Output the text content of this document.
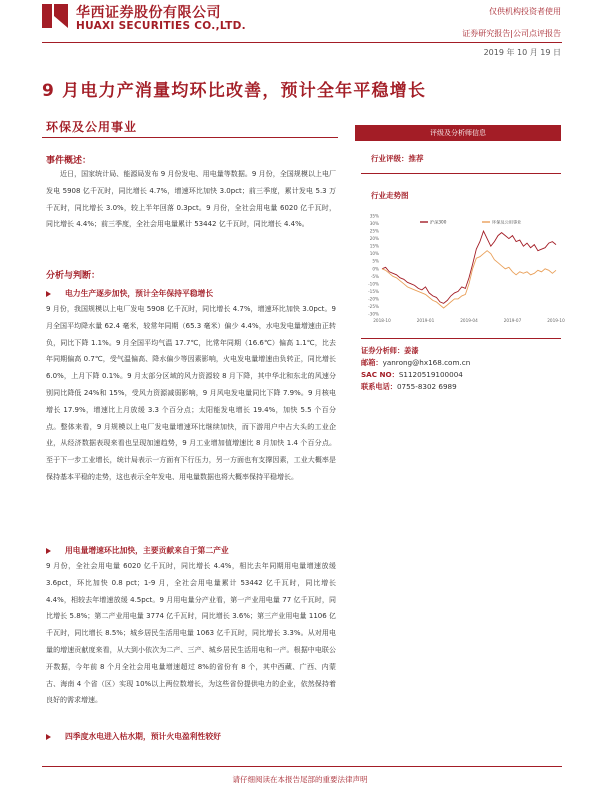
华西证券股份有限公司
HUAXI SECURITIES CO.,LTD.
仅供机构投资者使用
证券研究报告|公司点评报告
2019 年 10 月 19 日
9 月电力产消量均环比改善，预计全年平稳增长
环保及公用事业
事件概述：

近日，国家统计局、能源局发布 9 月份发电、用电量等数据。9 月份，全国规模以上电厂发电 5908 亿千瓦时，同比增长 4.7%，增速环比加快 3.0pct；前三季度，累计发电 5.3 万千瓦时，同比增长 3.0%，较上半年回落 0.3pct。9 月份，全社会用电量 6020 亿千瓦时，同比增长 4.4%；前三季度，全社会用电量累计 53442 亿千瓦时，同比增长 4.4%。

分析与判断：
电力生产逐步加快，预计全年保持平稳增长

9 月份，我国规模以上电厂发电 5908 亿千瓦时，同比增长 4.7%，增速环比加快 3.0pct。9 月全国平均降水量 62.4 毫米，较常年同期（65.3 毫米）偏少 4.4%，水电发电量增速由正转负，同比下降 1.1%。9 月全国平均气温 17.7℃，比常年同期（16.6℃）偏高 1.1℃，比去年同期偏高 0.7℃，受气温偏高、降水偏少等因素影响，火电发电量增速由负转正，同比增长 6.0%，上月下降 0.1%。9 月太部分区域的风力资源较 8 月下降，其中华北和东北的风速分别同比降低 24%和 15%，受风力资源减弱影响，9 月风电发电量同比下降 7.9%。9 月核电增长 17.9%，增速比上月放缓 3.3 个百分点；太阳能发电增长 19.4%，加快 5.5 个百分点。整体来看，9 月规模以上电厂发电量增速环比继续加快，而下游用户中占大头的工业企业，从经济数据表现来看也呈现加速趋势，9 月工业增加值增速比 8 月加快 1.4 个百分点。至于下一步工业增长，统计局表示一方面有下行压力，另一方面也有支撑因素，工业大概率是保持基本平稳的走势，这也表示全年发电、用电量数据也将大概率保持平稳增长。

用电量增速环比加快，主要贡献来自于第二产业

9 月份，全社会用电量 6020 亿千瓦时，同比增长 4.4%，相比去年同期用电量增速放缓 3.6pct，环比加快 0.8 pct；1-9 月，全社会用电量累计 53442 亿千瓦时，同比增长 4.4%，相较去年增速放缓 4.5pct。9 月用电量分产业看，第一产业用电量 77 亿千瓦时，同比增长 5.8%；第二产业用电量 3774 亿千瓦时，同比增长 3.6%；第三产业用电量 1106 亿千瓦时，同比增长 8.5%；城乡居民生活用电量 1063 亿千瓦时，同比增长 3.3%。从对用电量的增速贡献度来看，从大到小依次为二产、三产、城乡居民生活用电和一产。根据中电联公开数据，今年前 8 个月全社会用电量增速超过 8%的省份有 8 个，其中西藏、广西、内蒙古、海南 4 个省（区）实现 10%以上两位数增长，为这些省份提供电力的企业，依然保持着良好的需求增速。

四季度水电进入枯水期，预计火电盈利性较好
评级及分析师信息
行业评级：推荐
行业走势图
35%
30%
25%
20%
15%
10%
5%
0%
-5%
-10%
-15%
-20%
-25%
-30%
2018-10	2019-01	2019-04	2019-07	2019-10
沪深300	环保及公用事业
证券分析师：姜漆
邮箱：yanrong@hx168.com.cn
SAC NO：S1120519100004
联系电话：0755-8302 6989
请仔细阅读在本报告尾部的重要法律声明
